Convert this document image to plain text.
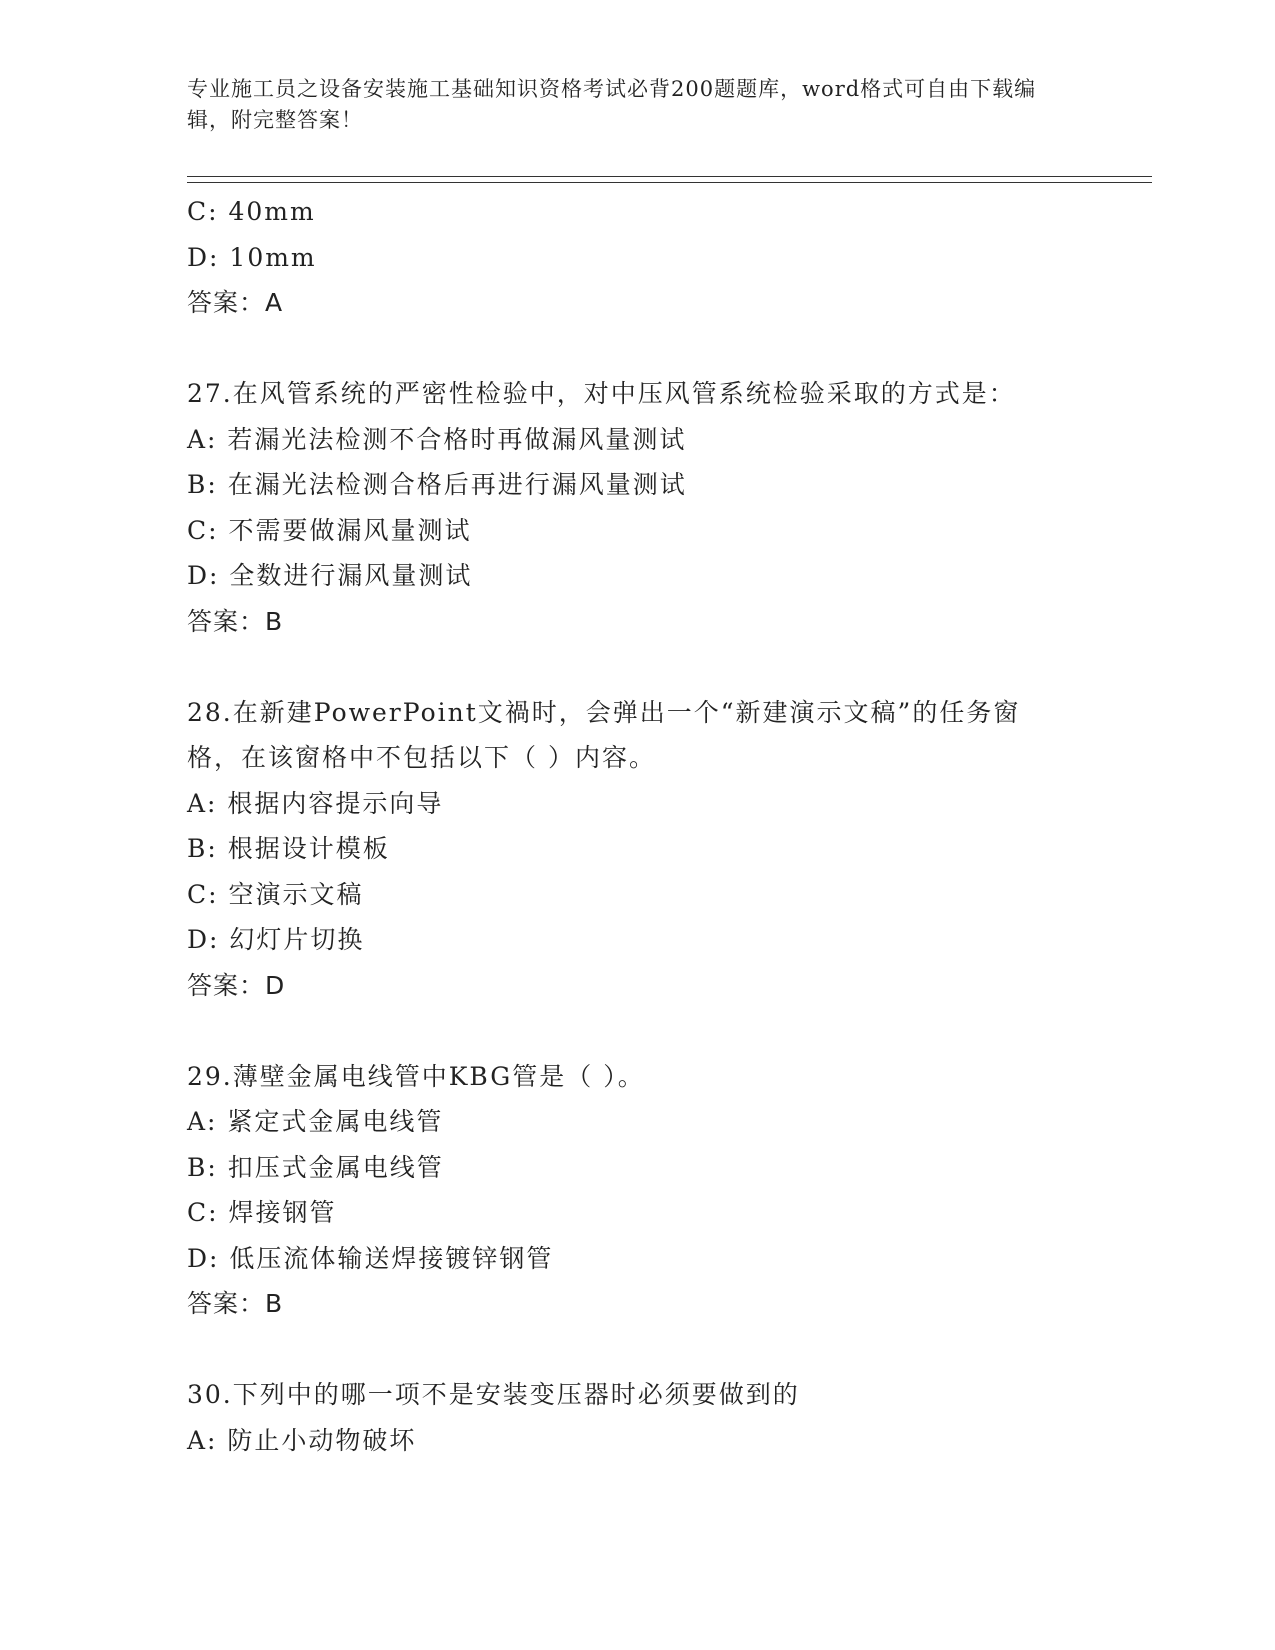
专业施工员之设备安装施工基础知识资格考试必背200题题库，word格式可自由下载编辑，附完整答案！
C: 40mm
D: 10mm
答案：A
27.在风管系统的严密性检验中，对中压风管系统检验采取的方式是：
A: 若漏光法检测不合格时再做漏风量测试
B: 在漏光法检测合格后再进行漏风量测试
C: 不需要做漏风量测试
D: 全数进行漏风量测试
答案：B
28.在新建PowerPoint文禍时，会弹出一个“新建演示文稿”的任务窗格，在该窗格中不包括以下（ ）内容。
A: 根据内容提示向导
B: 根据设计模板
C: 空演示文稿
D: 幻灯片切换
答案：D
29.薄壁金属电线管中KBG管是（ ）。
A: 紧定式金属电线管
B: 扣压式金属电线管
C: 焊接钢管
D: 低压流体输送焊接镀锌钢管
答案：B
30.下列中的哪一项不是安装变压器时必须要做到的
A: 防止小动物破坏
